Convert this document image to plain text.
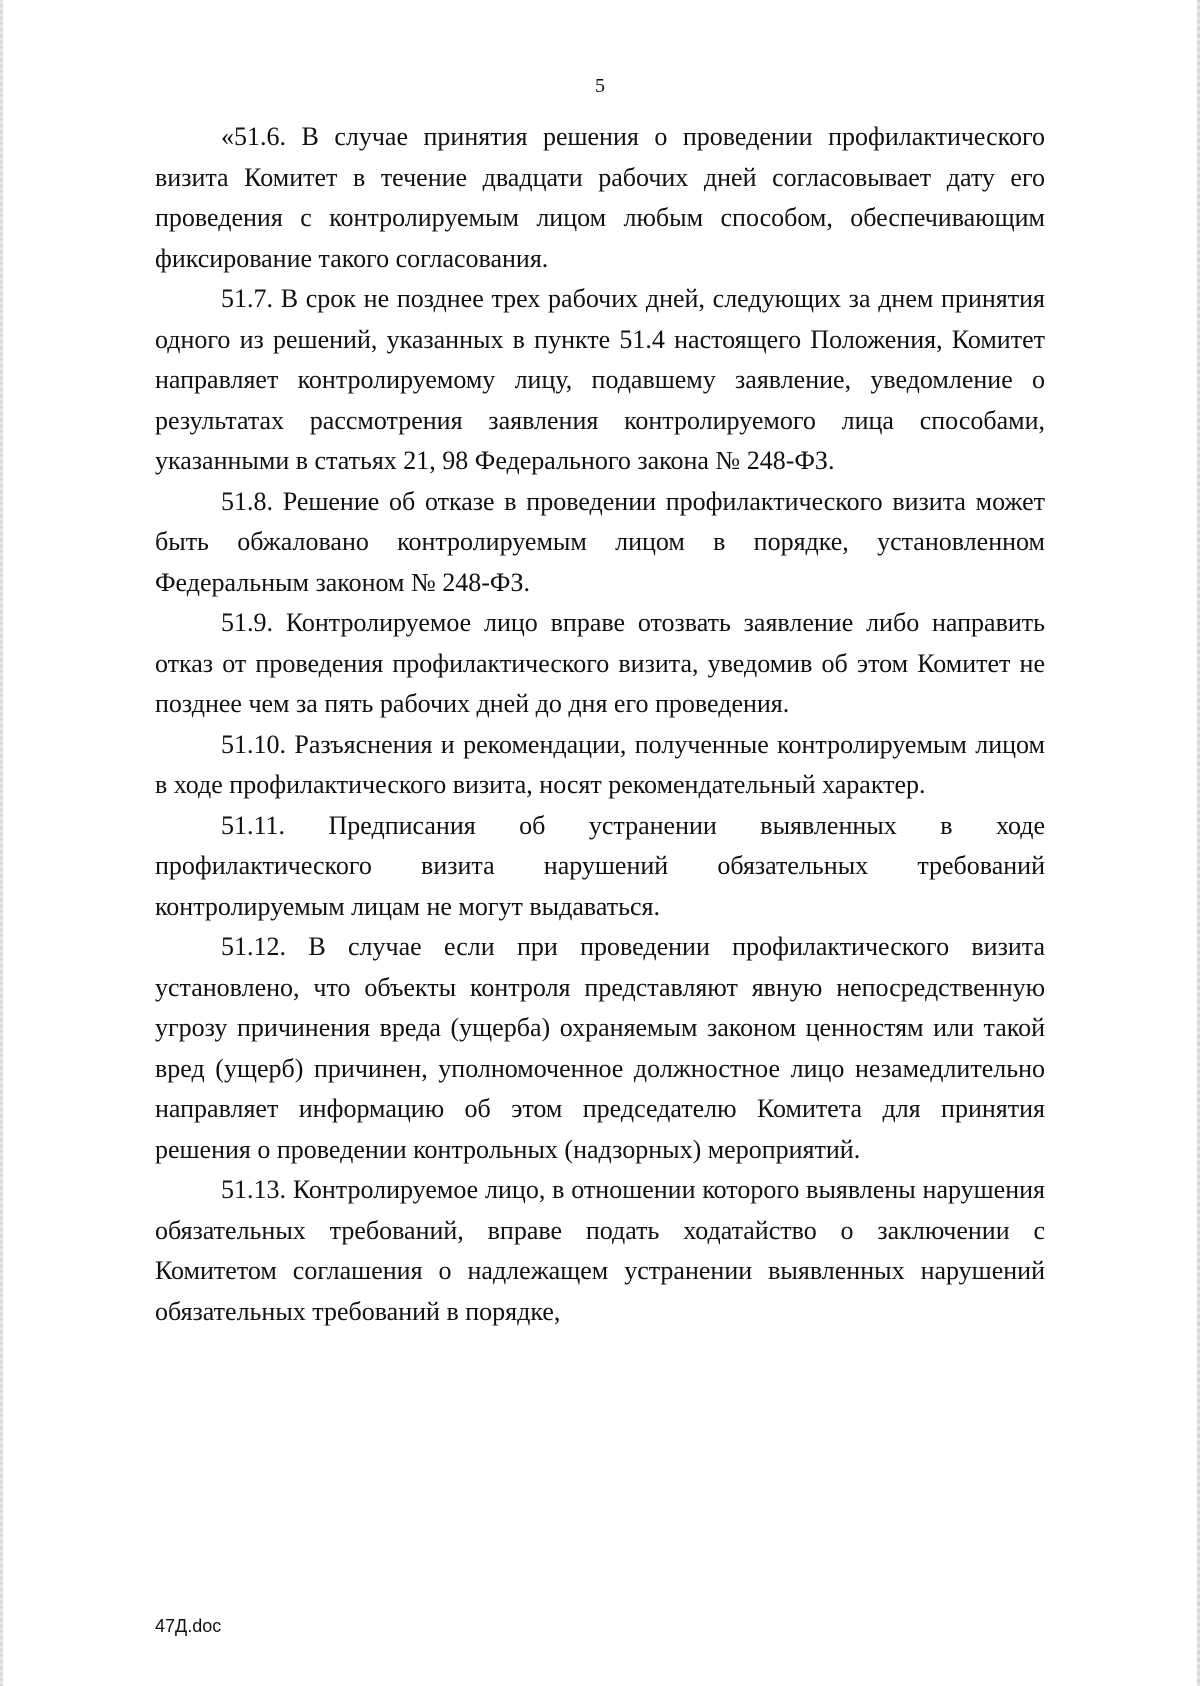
5

«51.6. В случае принятия решения о проведении профилактического визита Комитет в течение двадцати рабочих дней согласовывает дату его проведения с контролируемым лицом любым способом, обеспечивающим фиксирование такого согласования.

51.7. В срок не позднее трех рабочих дней, следующих за днем принятия одного из решений, указанных в пункте 51.4 настоящего Положения, Комитет направляет контролируемому лицу, подавшему заявление, уведомление о результатах рассмотрения заявления контролируемого лица способами, указанными в статьях 21, 98 Федерального закона № 248-ФЗ.

51.8. Решение об отказе в проведении профилактического визита может быть обжаловано контролируемым лицом в порядке, установленном Федеральным законом № 248-ФЗ.

51.9. Контролируемое лицо вправе отозвать заявление либо направить отказ от проведения профилактического визита, уведомив об этом Комитет не позднее чем за пять рабочих дней до дня его проведения.

51.10. Разъяснения и рекомендации, полученные контролируемым лицом в ходе профилактического визита, носят рекомендательный характер.

51.11. Предписания об устранении выявленных в ходе профилактического визита нарушений обязательных требований контролируемым лицам не могут выдаваться.

51.12. В случае если при проведении профилактического визита установлено, что объекты контроля представляют явную непосредственную угрозу причинения вреда (ущерба) охраняемым законом ценностям или такой вред (ущерб) причинен, уполномоченное должностное лицо незамедлительно направляет информацию об этом председателю Комитета для принятия решения о проведении контрольных (надзорных) мероприятий.

51.13. Контролируемое лицо, в отношении которого выявлены нарушения обязательных требований, вправе подать ходатайство о заключении с Комитетом соглашения о надлежащем устранении выявленных нарушений обязательных требований в порядке,

47Д.doc
